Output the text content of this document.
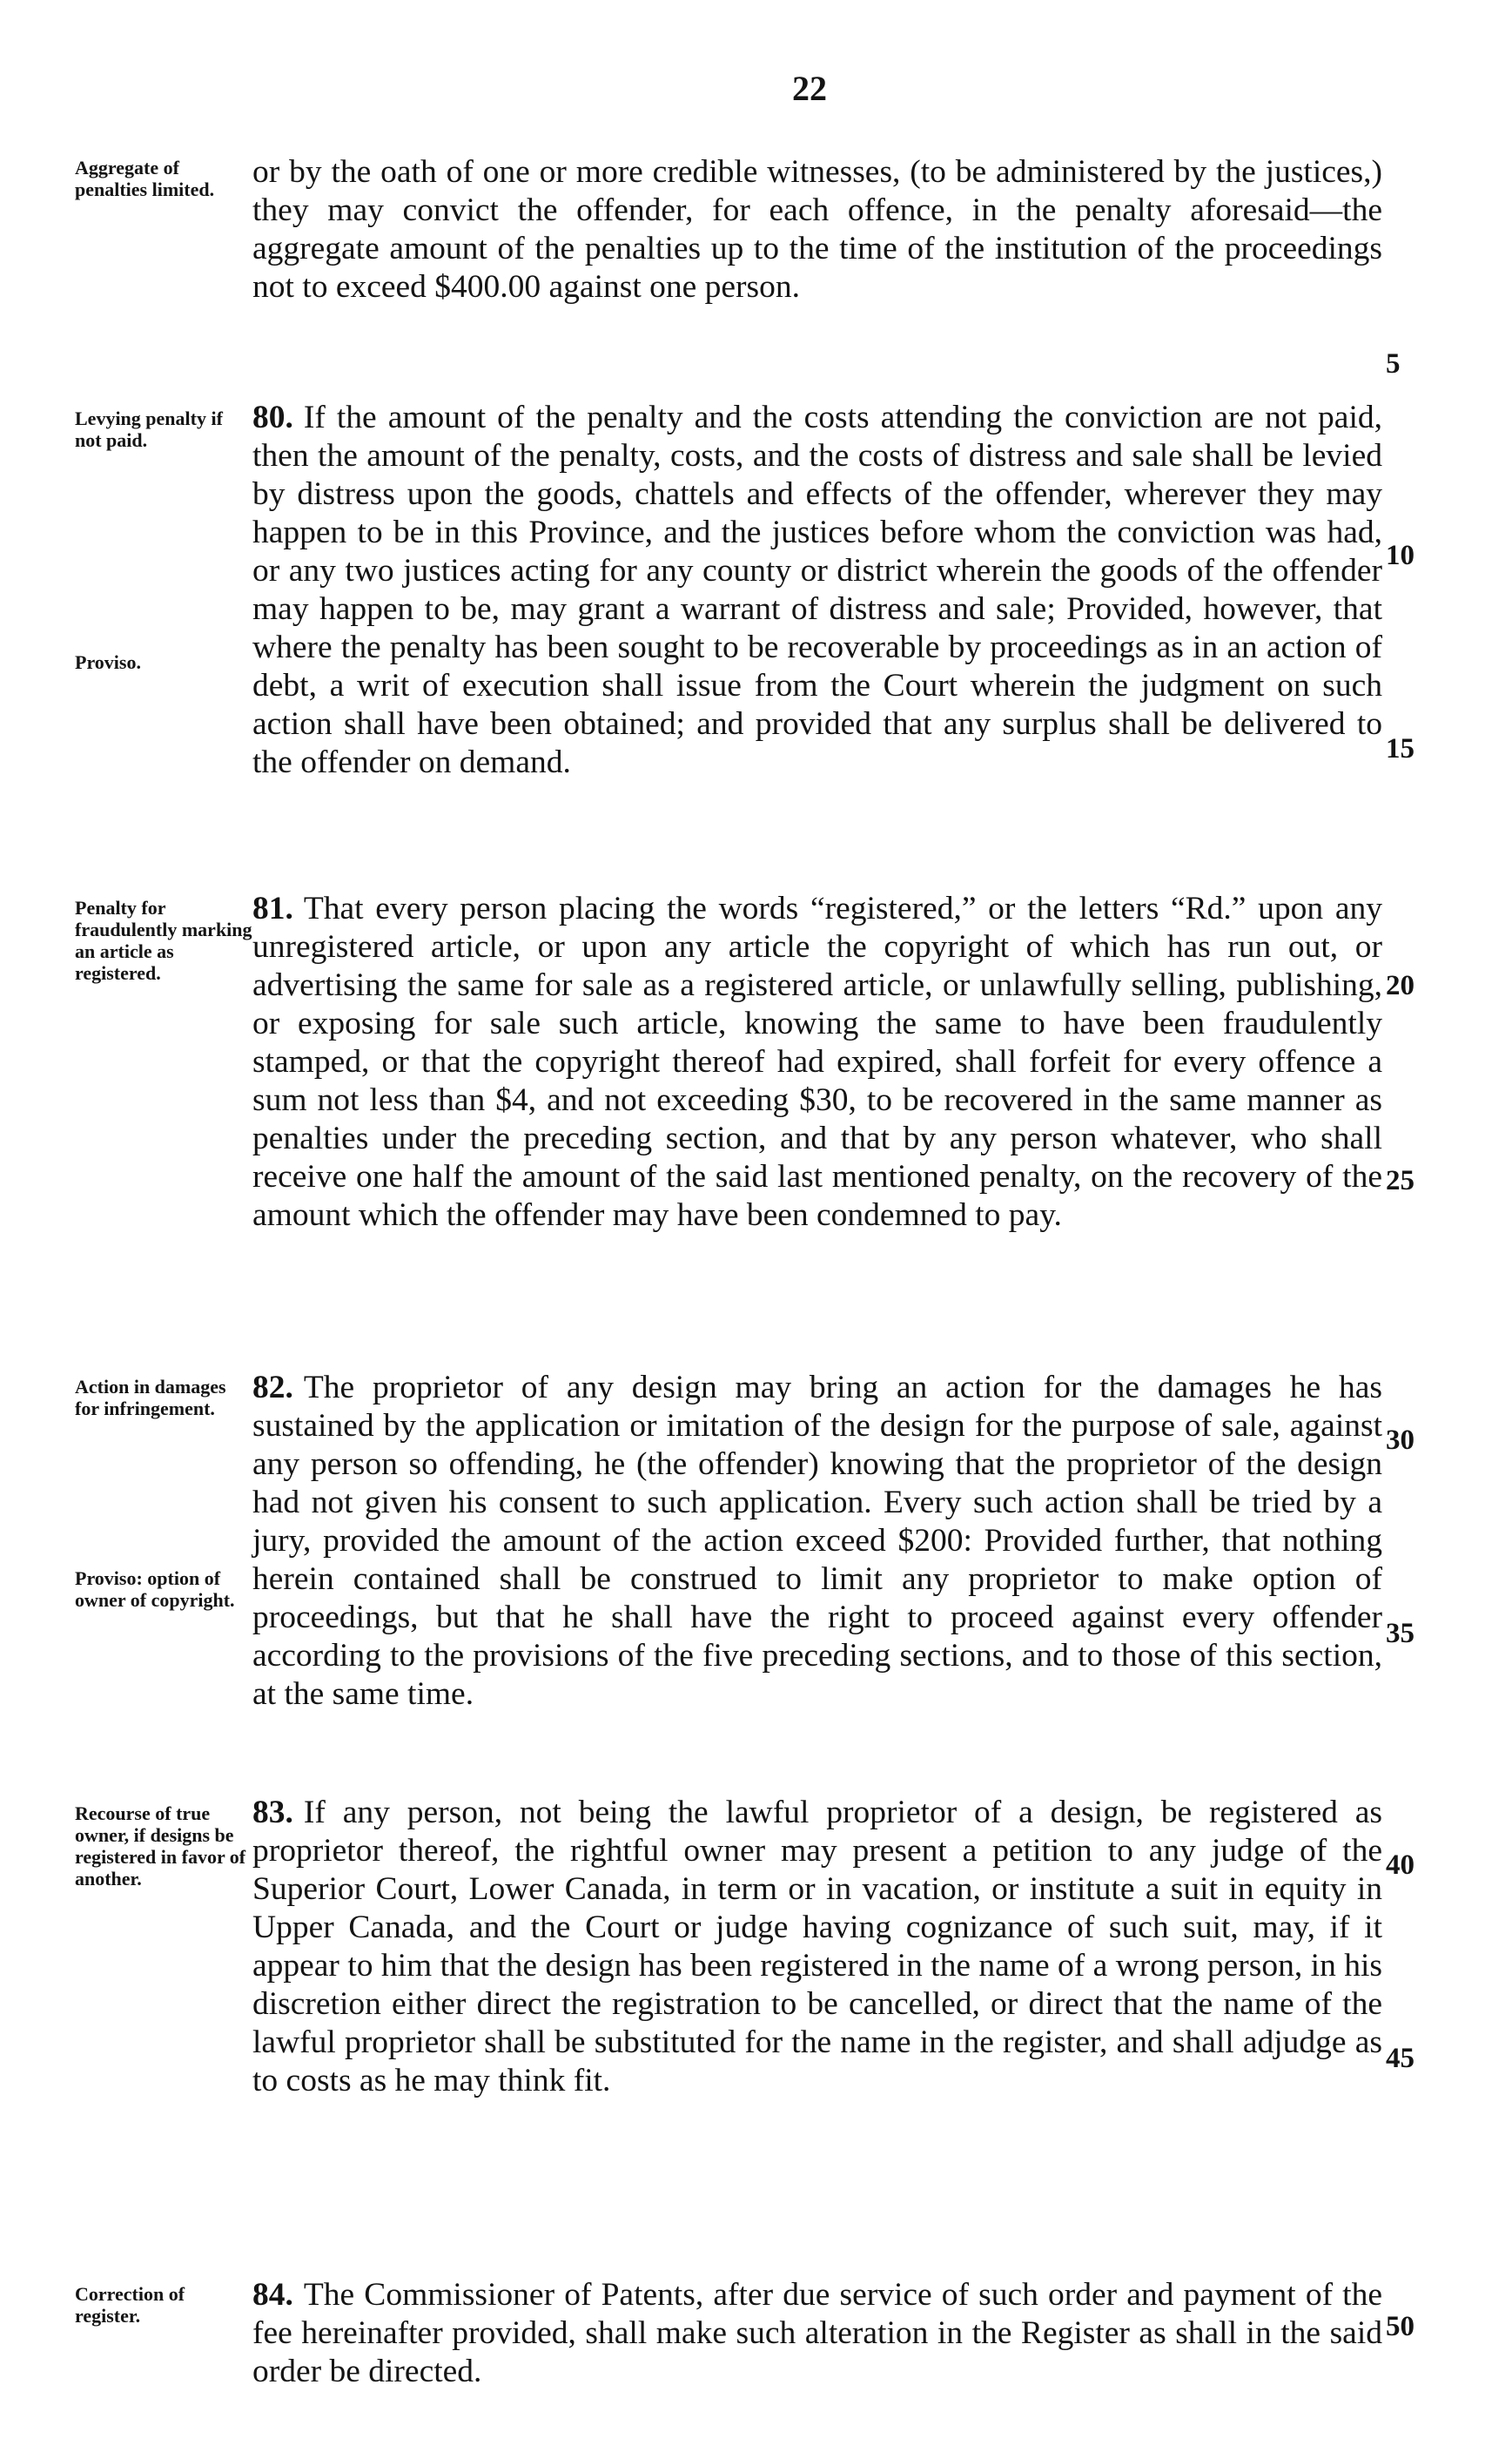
22
Aggregate of penalties limited.	or by the oath of one or more credible witnesses, (to be administered by the justices,) they may convict the offender, for each offence, in the penalty aforesaid—the aggregate amount of the penalties up to the time of the institution of the proceedings not to exceed $400.00 against one person.
Levying penalty if not paid.
Proviso.
80. If the amount of the penalty and the costs attending the conviction are not paid, then the amount of the penalty, costs, and the costs of distress and sale shall be levied by distress upon the goods, chattels and effects of the offender, wherever they may happen to be in this Province, and the justices before whom the conviction was had, or any two justices acting for any county or district wherein the goods of the offender may happen to be, may grant a warrant of distress and sale; Provided, however, that where the penalty has been sought to be recoverable by proceedings as in an action of debt, a writ of execution shall issue from the Court wherein the judgment on such action shall have been obtained; and provided that any surplus shall be delivered to the offender on demand.
Penalty for fraudulently marking an article as registered.
81. That every person placing the words “registered,” or the letters “Rd.” upon any unregistered article, or upon any article the copyright of which has run out, or advertising the same for sale as a registered article, or unlawfully selling, publishing, or exposing for sale such article, knowing the same to have been fraudulently stamped, or that the copyright thereof had expired, shall forfeit for every offence a sum not less than $4, and not exceeding $30, to be recovered in the same manner as penalties under the preceding section, and that by any person whatever, who shall receive one half the amount of the said last mentioned penalty, on the recovery of the amount which the offender may have been condemned to pay.
Action in damages for infringement.
Proviso: option of owner of copyright.
82. The proprietor of any design may bring an action for the damages he has sustained by the application or imitation of the design for the purpose of sale, against any person so offending, he (the offender) knowing that the proprietor of the design had not given his consent to such application. Every such action shall be tried by a jury, provided the amount of the action exceed $200: Provided further, that nothing herein contained shall be construed to limit any proprietor to make option of proceedings, but that he shall have the right to proceed against every offender according to the provisions of the five preceding sections, and to those of this section, at the same time.
Recourse of true owner, if designs be registered in favor of another.
83. If any person, not being the lawful proprietor of a design, be registered as proprietor thereof, the rightful owner may present a petition to any judge of the Superior Court, Lower Canada, in term or in vacation, or institute a suit in equity in Upper Canada, and the Court or judge having cognizance of such suit, may, if it appear to him that the design has been registered in the name of a wrong person, in his discretion either direct the registration to be cancelled, or direct that the name of the lawful proprietor shall be substituted for the name in the register, and shall adjudge as to costs as he may think fit.
Correction of register.
84. The Commissioner of Patents, after due service of such order and payment of the fee hereinafter provided, shall make such alteration in the Register as shall in the said order be directed.
5
10
15
20
25
30
35
40
45
50
